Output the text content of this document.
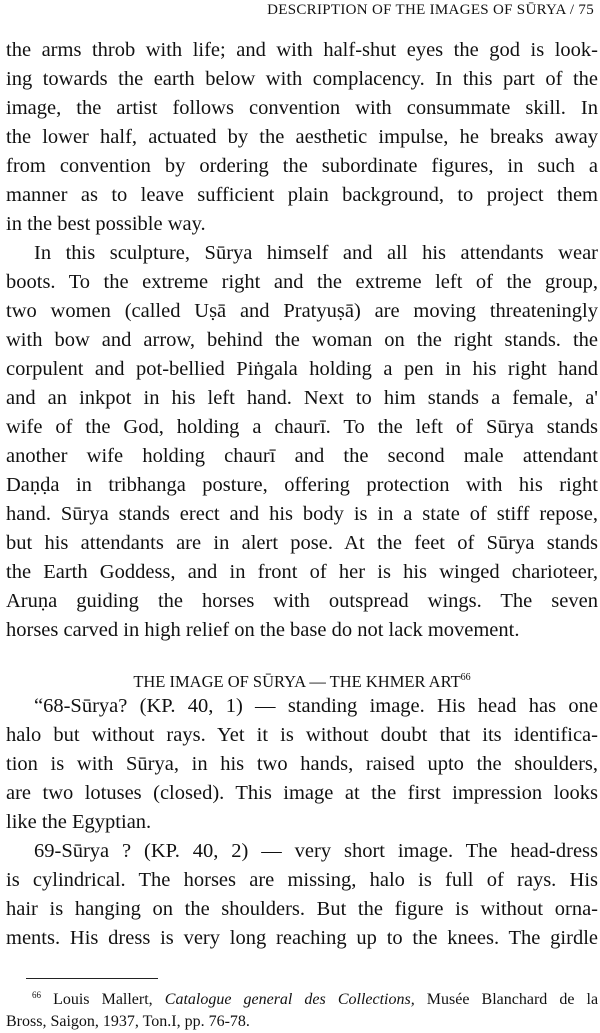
DESCRIPTION OF THE IMAGES OF SŪRYA / 75
the arms throb with life; and with half-shut eyes the god is look-
ing towards the earth below with complacency. In this part of the
image, the artist follows convention with consummate skill. In
the lower half, actuated by the aesthetic impulse, he breaks away
from convention by ordering the subordinate figures, in such a
manner as to leave sufficient plain background, to project them
in the best possible way.
In this sculpture, Sūrya himself and all his attendants wear
boots. To the extreme right and the extreme left of the group,
two women (called Uṣā and Pratyuṣā) are moving threateningly
with bow and arrow, behind the woman on the right stands. the
corpulent and pot-bellied Piṅgala holding a pen in his right hand
and an inkpot in his left hand. Next to him stands a female, a'
wife of the God, holding a chaurī. To the left of Sūrya stands
another wife holding chaurī and the second male attendant
Daṇḍa in tribhanga posture, offering protection with his right
hand. Sūrya stands erect and his body is in a state of stiff repose,
but his attendants are in alert pose. At the feet of Sūrya stands
the Earth Goddess, and in front of her is his winged charioteer,
Aruṇa guiding the horses with outspread wings. The seven
horses carved in high relief on the base do not lack movement.
THE IMAGE OF SŪRYA — THE KHMER ART$^{66}$
“68-Sūrya? (KP. 40, 1) — standing image. His head has one
halo but without rays. Yet it is without doubt that its identifica-
tion is with Sūrya, in his two hands, raised upto the shoulders,
are two lotuses (closed). This image at the first impression looks
like the Egyptian.
69-Sūrya ? (KP. 40, 2) — very short image. The head-dress
is cylindrical. The horses are missing, halo is full of rays. His
hair is hanging on the shoulders. But the figure is without orna-
ments. His dress is very long reaching up to the knees. The girdle
$^{66}$ Louis Mallert, Catalogue general des Collections, Musée Blanchard de la
Bross, Saigon, 1937, Ton.I, pp. 76-78.
